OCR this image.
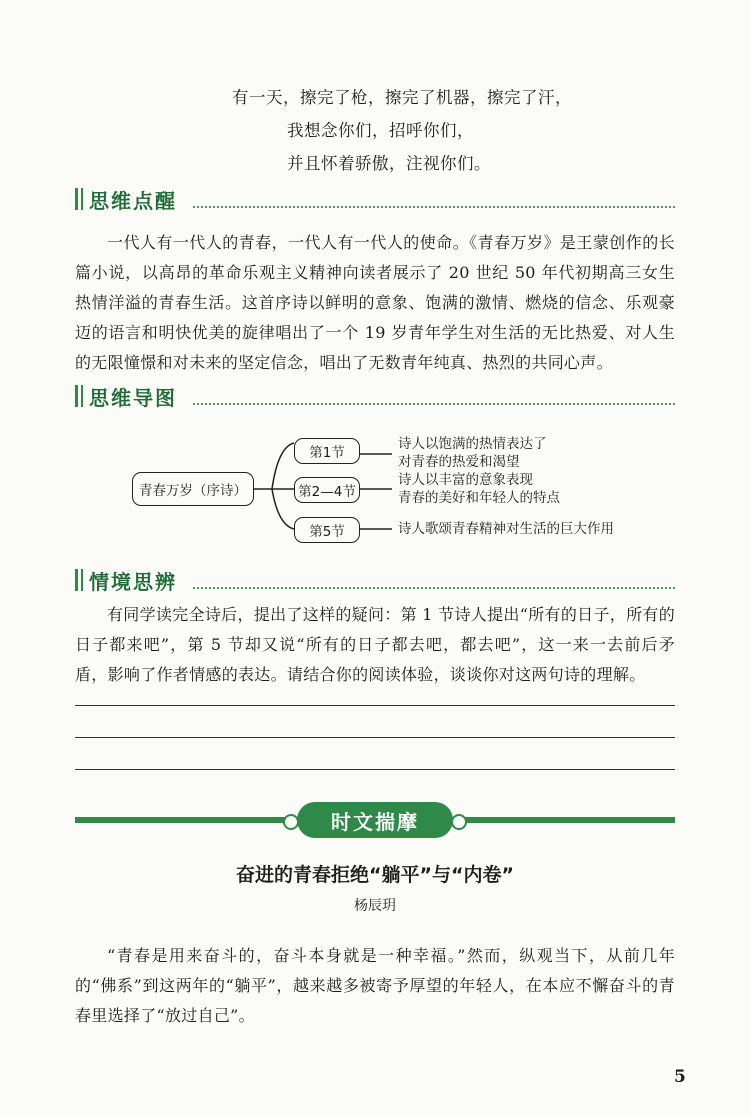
有一天，擦完了枪，擦完了机器，擦完了汗，
我想念你们，招呼你们，
并且怀着骄傲，注视你们。
思维点醒

一代人有一代人的青春，一代人有一代人的使命。《青春万岁》是王蒙创作的长篇小说，以高昂的革命乐观主义精神向读者展示了 20 世纪 50 年代初期高三女生热情洋溢的青春生活。这首序诗以鲜明的意象、饱满的激情、燃烧的信念、乐观豪迈的语言和明快优美的旋律唱出了一个 19 岁青年学生对生活的无比热爱、对人生的无限憧憬和对未来的坚定信念，唱出了无数青年纯真、热烈的共同心声。

思维导图
青春万岁（序诗）
第1节
第2—4节
第5节
诗人以饱满的热情表达了
对青春的热爱和渴望
诗人以丰富的意象表现
青春的美好和年轻人的特点
诗人歌颂青春精神对生活的巨大作用
情境思辨

有同学读完全诗后，提出了这样的疑问：第 1 节诗人提出“所有的日子，所有的日子都来吧”，第 5 节却又说“所有的日子都去吧，都去吧”，这一来一去前后矛盾，影响了作者情感的表达。请结合你的阅读体验，谈谈你对这两句诗的理解。

时文揣摩
奋进的青春拒绝“躺平”与“内卷”
杨辰玥

“青春是用来奋斗的，奋斗本身就是一种幸福。”然而，纵观当下，从前几年的“佛系”到这两年的“躺平”，越来越多被寄予厚望的年轻人，在本应不懈奋斗的青春里选择了“放过自己”。

5
